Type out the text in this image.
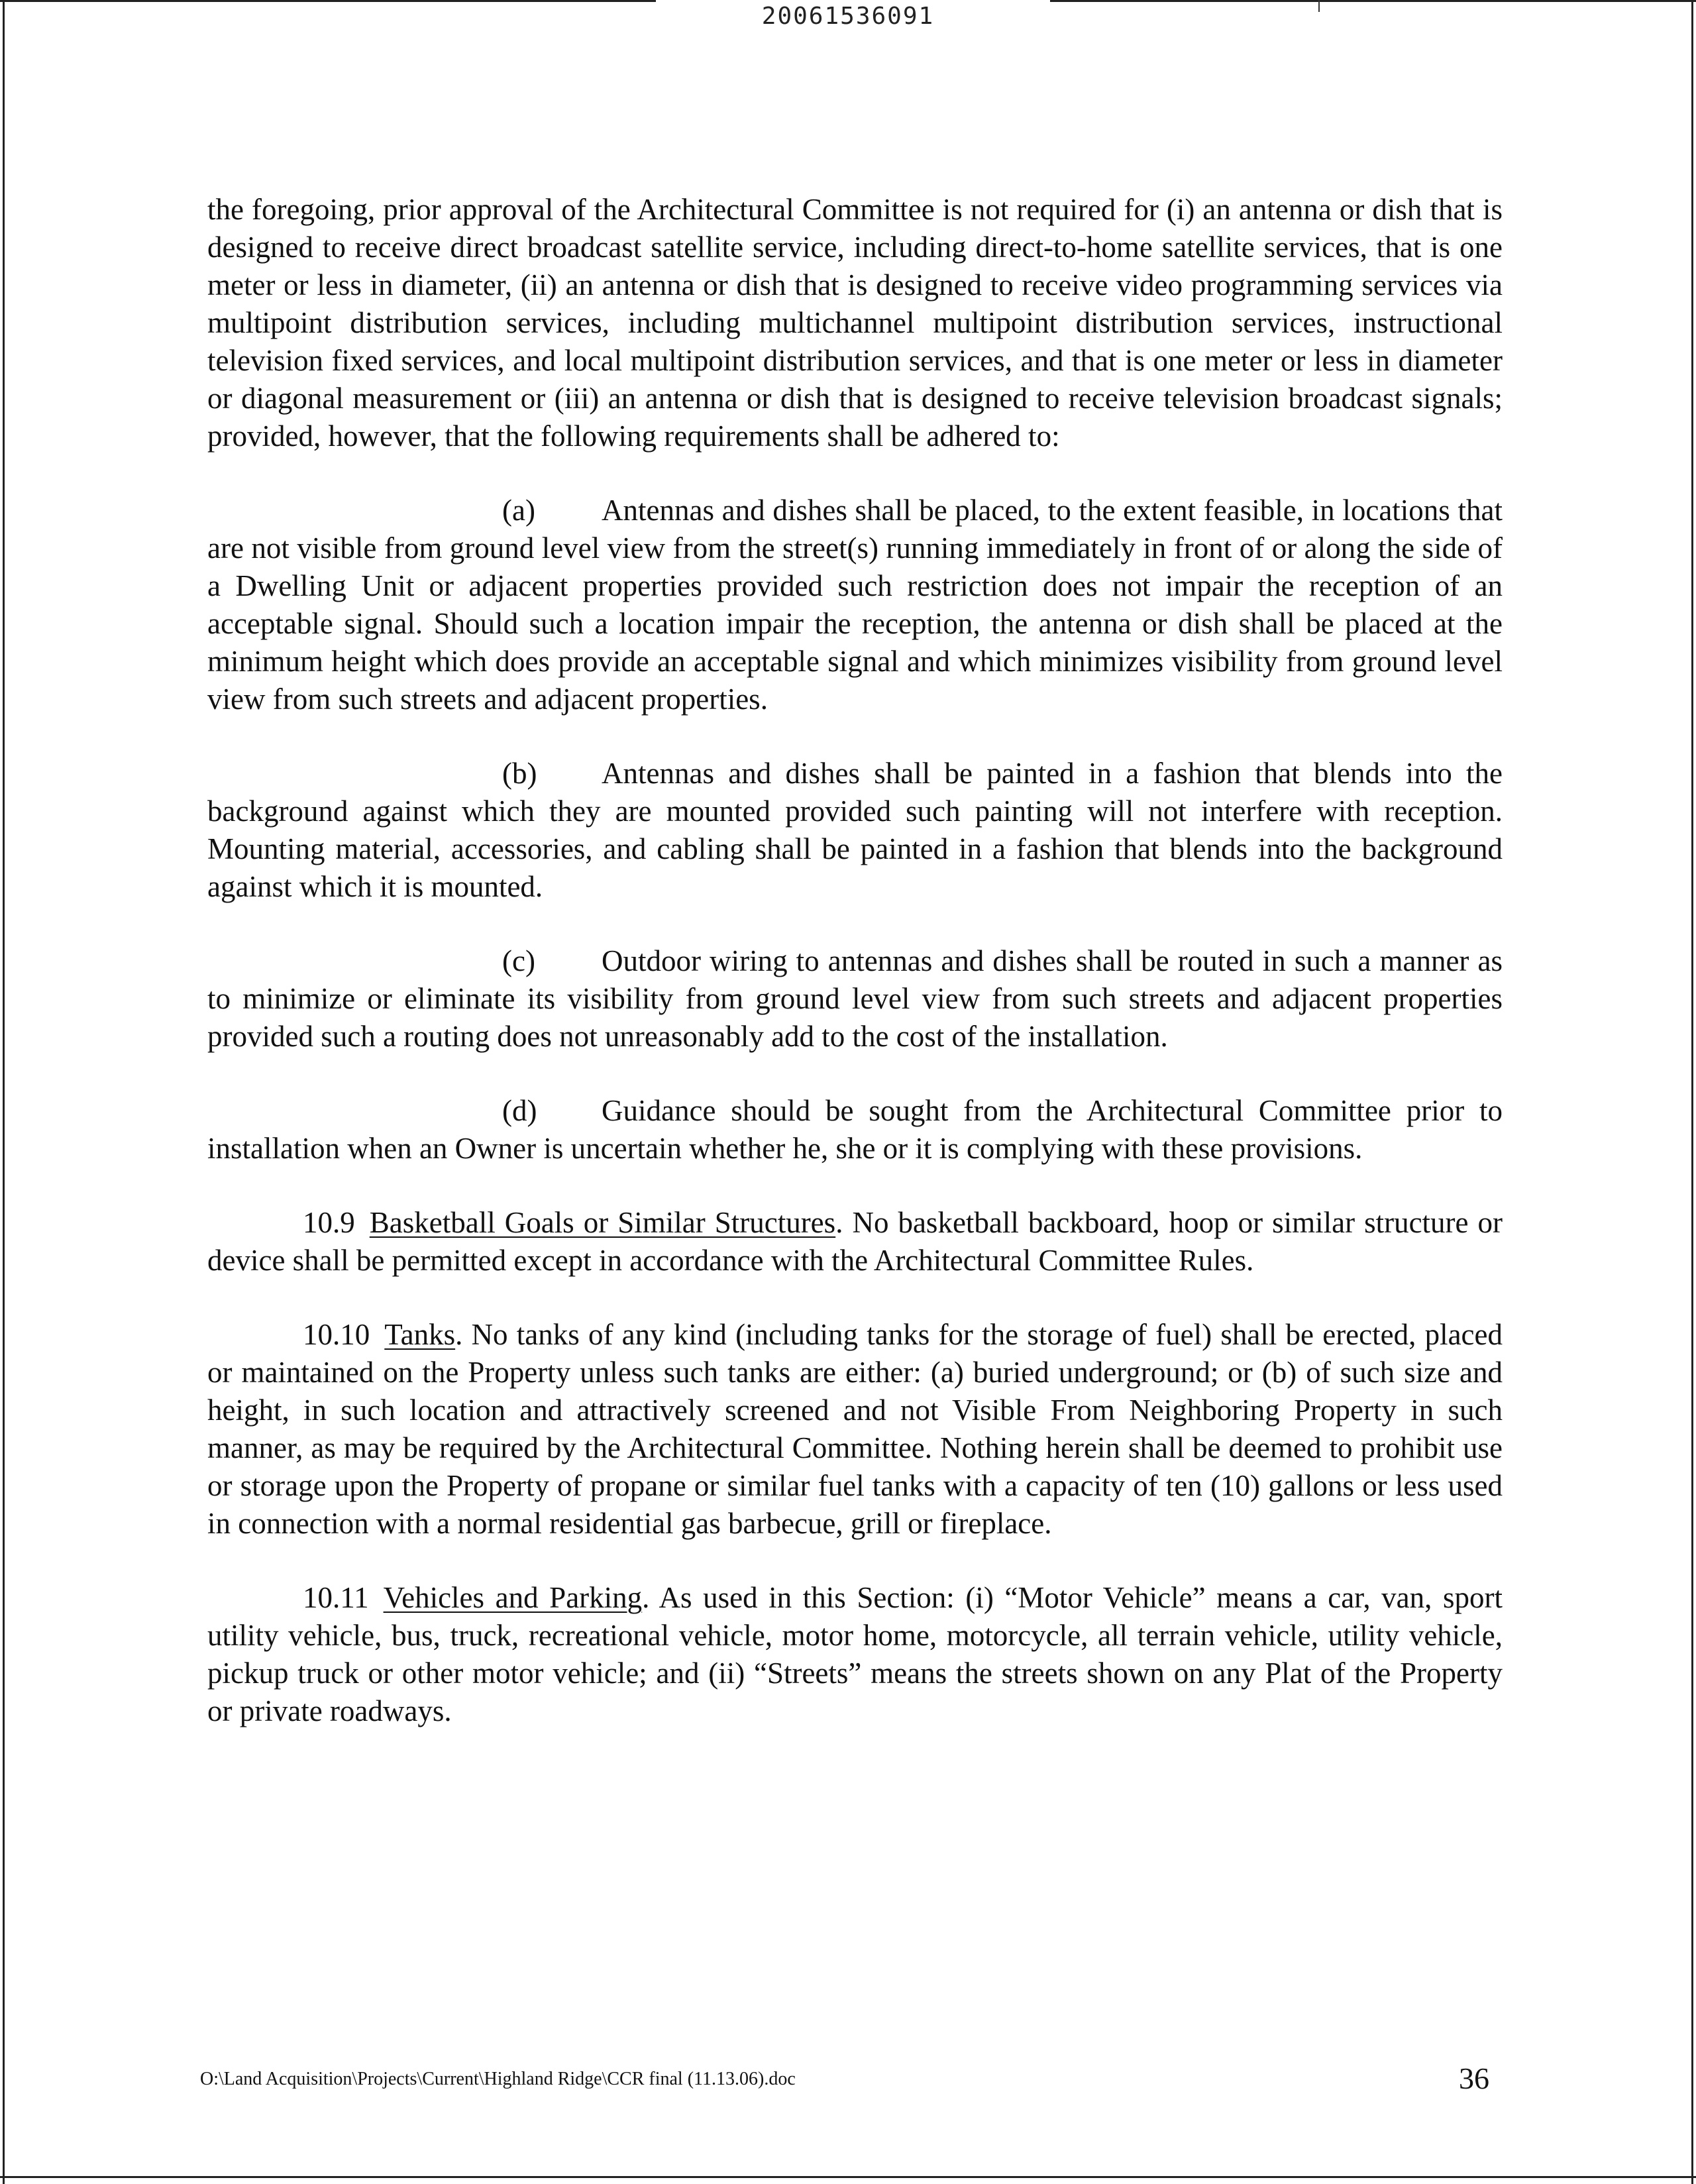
20061536091

the foregoing, prior approval of the Architectural Committee is not required for (i) an antenna or dish that is designed to receive direct broadcast satellite service, including direct-to-home satellite services, that is one meter or less in diameter, (ii) an antenna or dish that is designed to receive video programming services via multipoint distribution services, including multichannel multipoint distribution services, instructional television fixed services, and local multipoint distribution services, and that is one meter or less in diameter or diagonal measurement or (iii) an antenna or dish that is designed to receive television broadcast signals; provided, however, that the following requirements shall be adhered to:

(a) Antennas and dishes shall be placed, to the extent feasible, in locations that are not visible from ground level view from the street(s) running immediately in front of or along the side of a Dwelling Unit or adjacent properties provided such restriction does not impair the reception of an acceptable signal. Should such a location impair the reception, the antenna or dish shall be placed at the minimum height which does provide an acceptable signal and which minimizes visibility from ground level view from such streets and adjacent properties.

(b) Antennas and dishes shall be painted in a fashion that blends into the background against which they are mounted provided such painting will not interfere with reception. Mounting material, accessories, and cabling shall be painted in a fashion that blends into the background against which it is mounted.

(c) Outdoor wiring to antennas and dishes shall be routed in such a manner as to minimize or eliminate its visibility from ground level view from such streets and adjacent properties provided such a routing does not unreasonably add to the cost of the installation.

(d) Guidance should be sought from the Architectural Committee prior to installation when an Owner is uncertain whether he, she or it is complying with these provisions.

10.9 Basketball Goals or Similar Structures. No basketball backboard, hoop or similar structure or device shall be permitted except in accordance with the Architectural Committee Rules.

10.10 Tanks. No tanks of any kind (including tanks for the storage of fuel) shall be erected, placed or maintained on the Property unless such tanks are either: (a) buried underground; or (b) of such size and height, in such location and attractively screened and not Visible From Neighboring Property in such manner, as may be required by the Architectural Committee. Nothing herein shall be deemed to prohibit use or storage upon the Property of propane or similar fuel tanks with a capacity of ten (10) gallons or less used in connection with a normal residential gas barbecue, grill or fireplace.

10.11 Vehicles and Parking. As used in this Section: (i) “Motor Vehicle” means a car, van, sport utility vehicle, bus, truck, recreational vehicle, motor home, motorcycle, all terrain vehicle, utility vehicle, pickup truck or other motor vehicle; and (ii) “Streets” means the streets shown on any Plat of the Property or private roadways.

O:\Land Acquisition\Projects\Current\Highland Ridge\CCR final (11.13.06).doc	36
